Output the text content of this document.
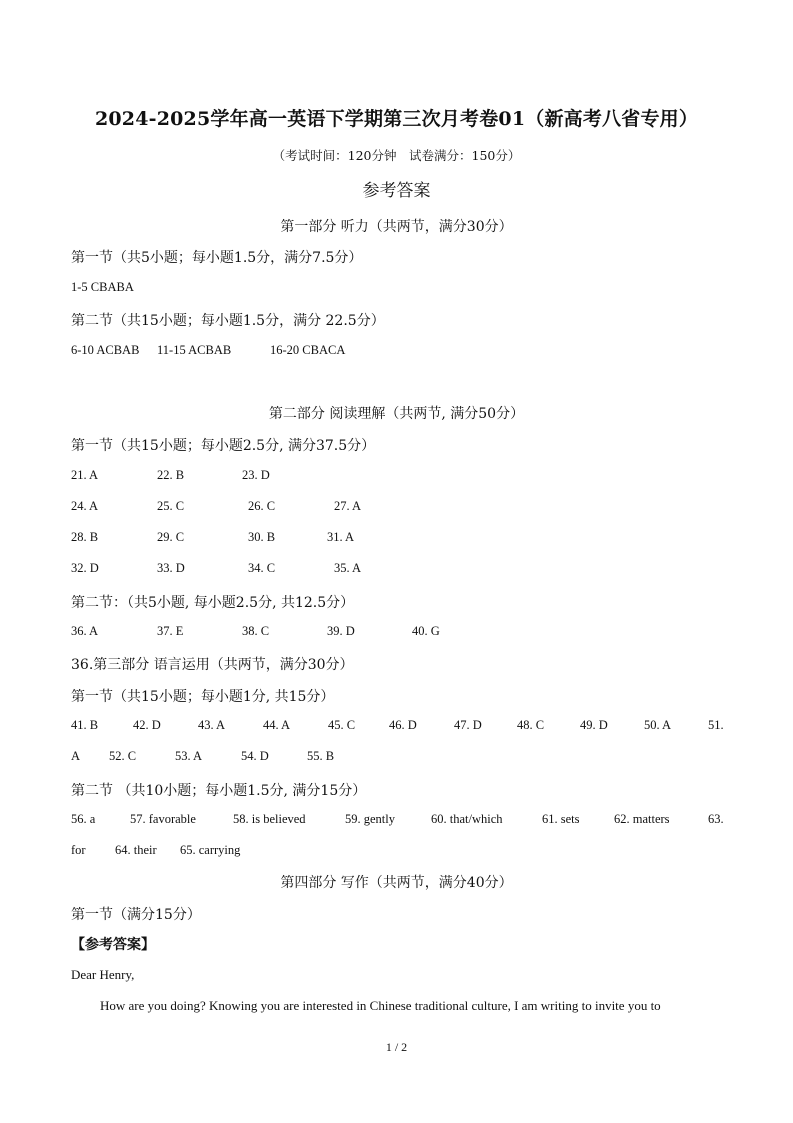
2024-2025学年高一英语下学期第三次月考卷01（新高考八省专用）
（考试时间：120分钟　试卷满分：150分）
参考答案
第一部分 听力（共两节，满分30分）
第一节（共5小题；每小题1.5分，满分7.5分）
1-5 CBABA
第二节（共15小题；每小题1.5分，满分 22.5分）
6-10 ACBAB 11-15 ACBAB	16-20 CBACA
第二部分 阅读理解（共两节, 满分50分）
第一节（共15小题；每小题2.5分, 满分37.5分）
21. A	22. B	23. D
24. A	25. C	26. C	27. A
28. B	29. C	30. B	31. A
32. D	33. D	34. C	35. A
第二节：（共5小题, 每小题2.5分, 共12.5分）
36. A	37. E	38. C	39. D	40. G
36.第三部分 语言运用（共两节，满分30分）
第一节（共15小题；每小题1分, 共15分）
41. B	42. D	43. A	44. A	45. C	46. D	47. D	48. C	49. D	50. A	51.
A 52. C	53. A	54. D	55. B
第二节 （共10小题；每小题1.5分, 满分15分）
56. a	57. favorable	58. is believed	59. gently	60. that/which	61. sets	62. matters	63.
for 64. their 65. carrying
第四部分 写作（共两节，满分40分）
第一节（满分15分）
【参考答案】
Dear Henry,
How are you doing? Knowing you are interested in Chinese traditional culture, I am writing to invite you to
1 / 2
